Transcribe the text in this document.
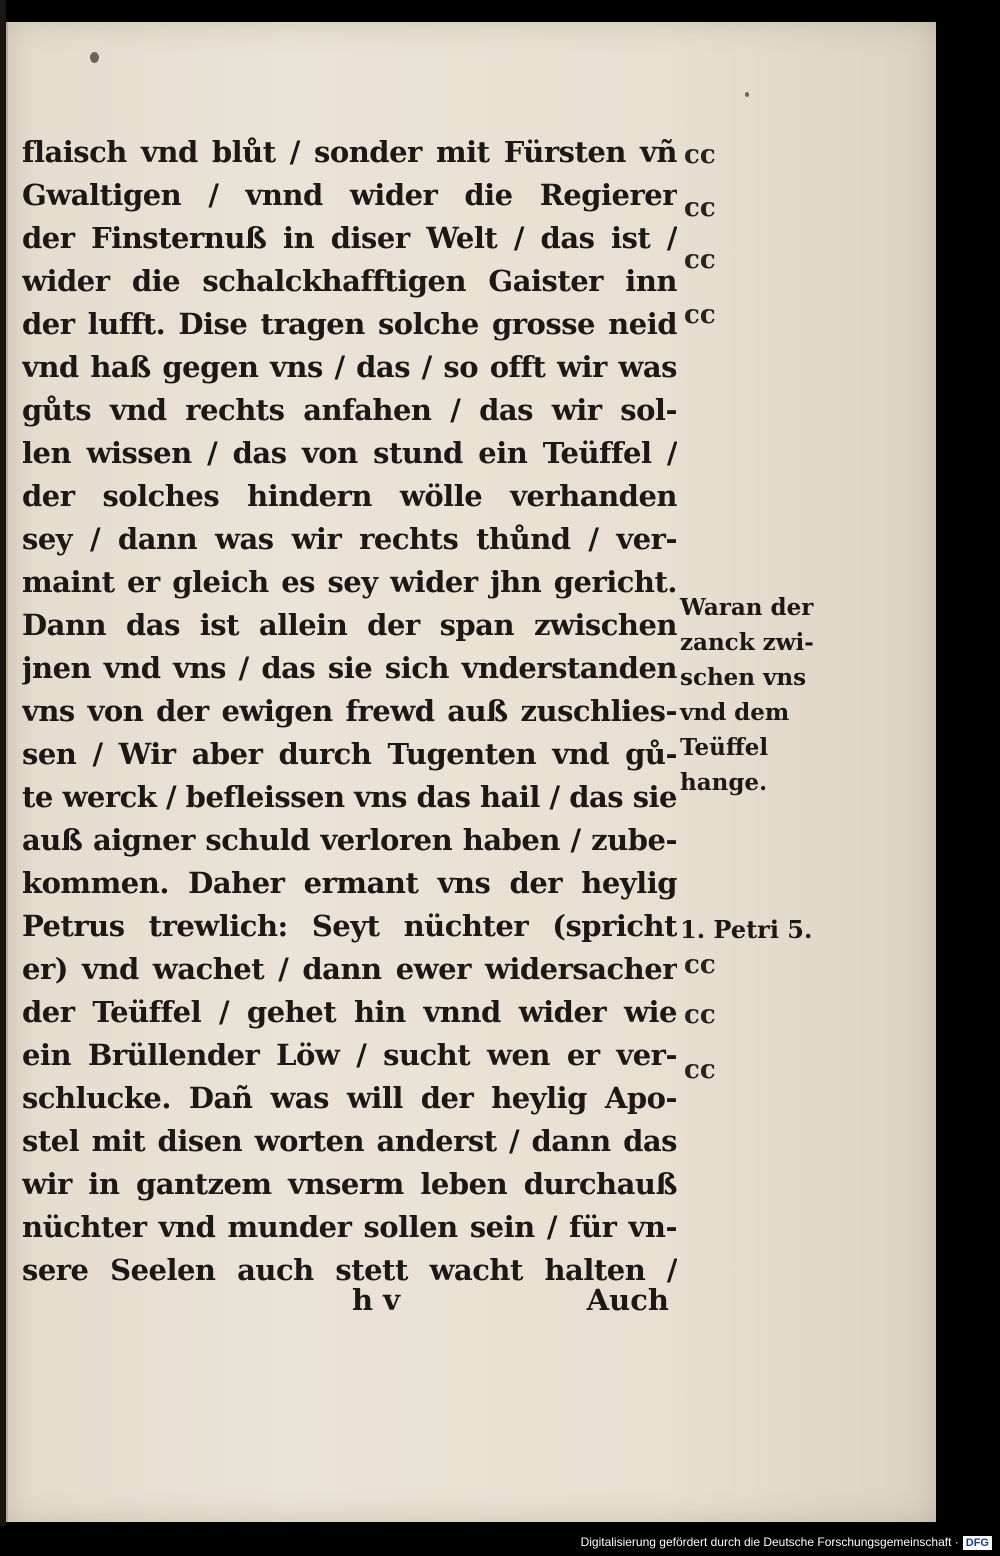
flaisch vnd blůt / sonder mit Fürsten vñ
Gwaltigen / vnnd wider die Regierer
der Finsternuß in diser Welt / das ist /
wider die schalckhafftigen Gaister inn
der lufft. Dise tragen solche grosse neid
vnd haß gegen vns / das / so offt wir was
gůts vnd rechts anfahen / das wir sol-
len wissen / das von stund ein Teüffel /
der solches hindern wölle verhanden
sey / dann was wir rechts thůnd / ver-
maint er gleich es sey wider jhn gericht.
Dann das ist allein der span zwischen
jnen vnd vns / das sie sich vnderstanden
vns von der ewigen frewd auß zuschlies-
sen / Wir aber durch Tugenten vnd gů-
te werck / befleissen vns das hail / das sie
auß aigner schuld verloren haben / zube-
kommen. Daher ermant vns der heylig
Petrus trewlich: Seyt nüchter (spricht
er) vnd wachet / dann ewer widersacher
der Teüffel / gehet hin vnnd wider wie
ein Brüllender Löw / sucht wen er ver-
schlucke. Dañ was will der heylig Apo-
stel mit disen worten anderst / dann das
wir in gantzem vnserm leben durchauß
nüchter vnd munder sollen sein / für vn-
sere Seelen auch stett wacht halten /
cc
cc
cc
cc
cc
cc
cc
Waran der
zanck zwi-
schen vns
vnd dem
Teüffel
hange.
1. Petri 5.
h v	Auch
Digitalisierung gefördert durch die Deutsche Forschungsgemeinschaft · DFG
